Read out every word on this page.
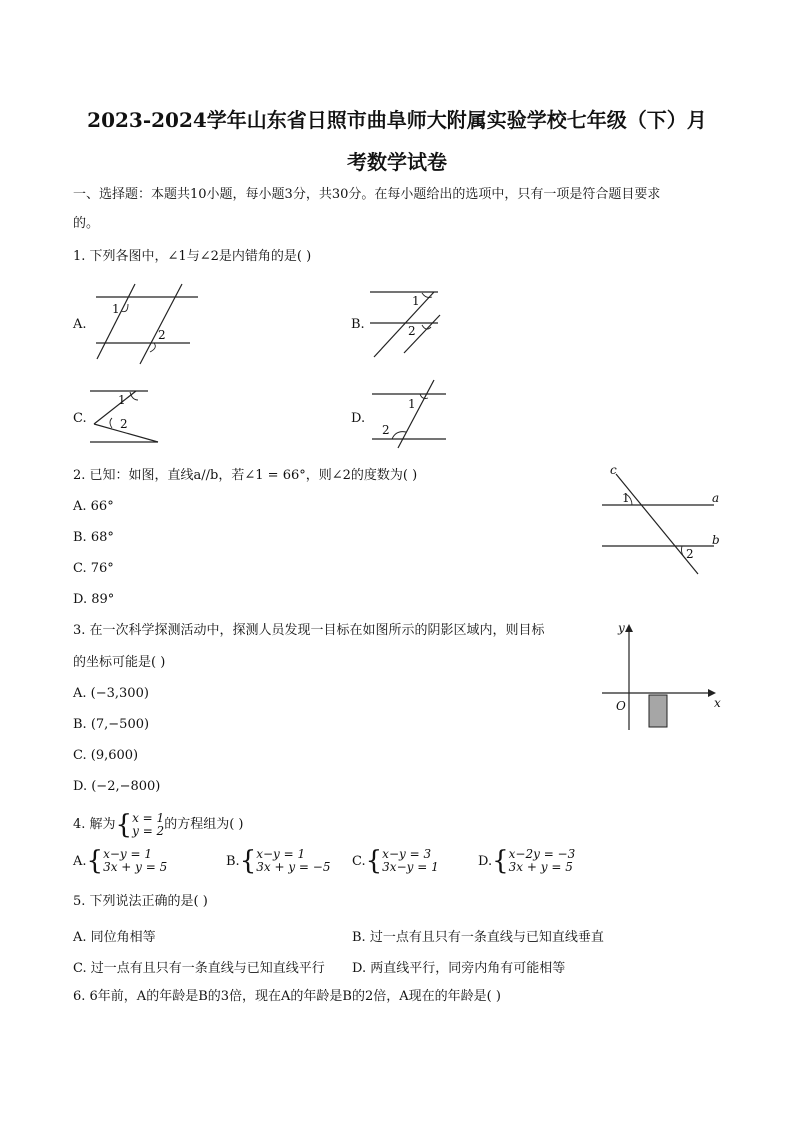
2023-2024学年山东省日照市曲阜师大附属实验学校七年级（下）月
考数学试卷
一、选择题：本题共10小题，每小题3分，共30分。在每小题给出的选项中，只有一项是符合题目要求
的。
1. 下列各图中，∠1与∠2是内错角的是( )
A.	B.
C.	D.
1
2
1
2
1
2
1
2
2. 已知：如图，直线a//b，若∠1 = 66°，则∠2的度数为( )
A. 66°
B. 68°
C. 76°
D. 89°
c
a
b
1
2
3. 在一次科学探测活动中，探测人员发现一目标在如图所示的阴影区域内，则目标
的坐标可能是( )
A. (−3,300)
B. (7,−500)
C. (9,600)
D. (−2,−800)
y
x
O
4. 解为 { x = 1
y = 2 的方程组为( )
A. { x−y = 1
3x + y = 5	B. { x−y = 1
3x + y = −5 C. { x−y = 3
3x−y = 1	D. { x−2y = −3
3x + y = 5
5. 下列说法正确的是( )
A. 同位角相等	B. 过一点有且只有一条直线与已知直线垂直
C. 过一点有且只有一条直线与已知直线平行 D. 两直线平行，同旁内角有可能相等
6. 6年前，A的年龄是B的3倍，现在A的年龄是B的2倍，A现在的年龄是( )
